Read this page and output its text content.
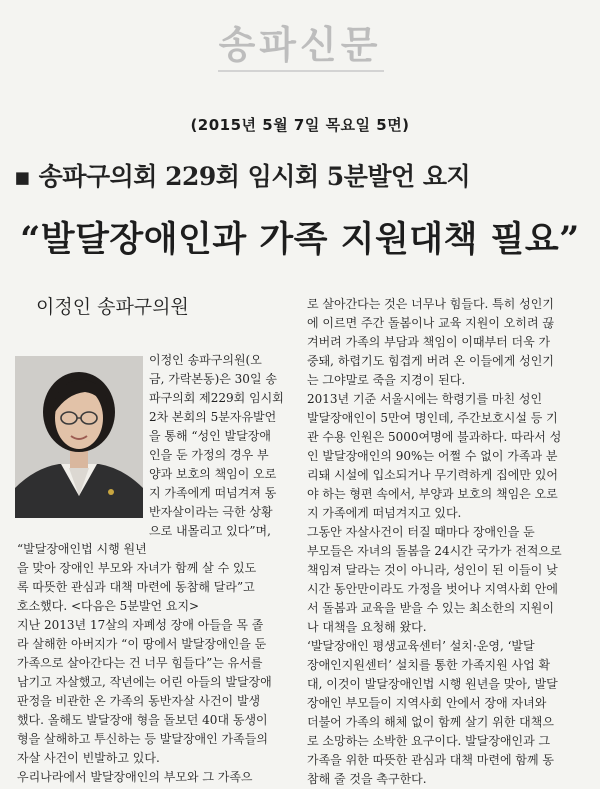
송파신문
(2015년 5월 7일 목요일 5면)
▪ 송파구의회 229회 임시회 5분발언 요지
“발달장애인과 가족 지원대책 필요”
이정인 송파구의원

이정인 송파구의원(오

금, 가락본동)은 30일 송

파구의회 제229회 임시회

2차 본회의 5분자유발언

을 통해 “성인 발달장애

인을 둔 가정의 경우 부

양과 보호의 책임이 오로

지 가족에게 떠넘겨져 동

반자살이라는 극한 상황

으로 내몰리고 있다”며,

“발달장애인법 시행 원년

을 맞아 장애인 부모와 자녀가 함께 살 수 있도

록 따뜻한 관심과 대책 마련에 동참해 달라”고

호소했다. <다음은 5분발언 요지>

지난 2013년 17살의 자폐성 장애 아들을 목 졸

라 살해한 아버지가 “이 땅에서 발달장애인을 둔

가족으로 살아간다는 건 너무 힘들다”는 유서를

남기고 자살했고, 작년에는 어린 아들의 발달장애

판정을 비관한 온 가족의 동반자살 사건이 발생

했다. 올해도 발달장애 형을 돌보던 40대 동생이

형을 살해하고 투신하는 등 발달장애인 가족들의

자살 사건이 빈발하고 있다.

우리나라에서 발달장애인의 부모와 그 가족으

로 살아간다는 것은 너무나 힘들다. 특히 성인기

에 이르면 주간 돌봄이나 교육 지원이 오히려 끊

겨버려 가족의 부담과 책임이 이때부터 더욱 가

중돼, 하렵기도 힘겹게 버려 온 이들에게 성인기

는 그야말로 죽을 지경이 된다.

2013년 기준 서울시에는 학령기를 마친 성인

발달장애인이 5만여 명인데, 주간보호시설 등 기

관 수용 인원은 5000여명에 불과하다. 따라서 성

인 발달장애인의 90%는 어쩔 수 없이 가족과 분

리돼 시설에 입소되거나 무기력하게 집에만 있어

야 하는 형편 속에서, 부양과 보호의 책임은 오로

지 가족에게 떠넘겨지고 있다.

그동안 자살사건이 터질 때마다 장애인을 둔

부모들은 자녀의 돌봄을 24시간 국가가 전적으로

책임져 달라는 것이 아니라, 성인이 된 이들이 낮

시간 동안만이라도 가정을 벗어나 지역사회 안에

서 돌봄과 교육을 받을 수 있는 최소한의 지원이

나 대책을 요청해 왔다.

‘발달장애인 평생교육센터’ 설치·운영, ‘발달

장애인지원센터’ 설치를 통한 가족지원 사업 확

대, 이것이 발달장애인법 시행 원년을 맞아, 발달

장애인 부모들이 지역사회 안에서 장애 자녀와

더불어 가족의 해체 없이 함께 살기 위한 대책으

로 소망하는 소박한 요구이다. 발달장애인과 그

가족을 위한 따뜻한 관심과 대책 마련에 함께 동

참해 줄 것을 촉구한다.
